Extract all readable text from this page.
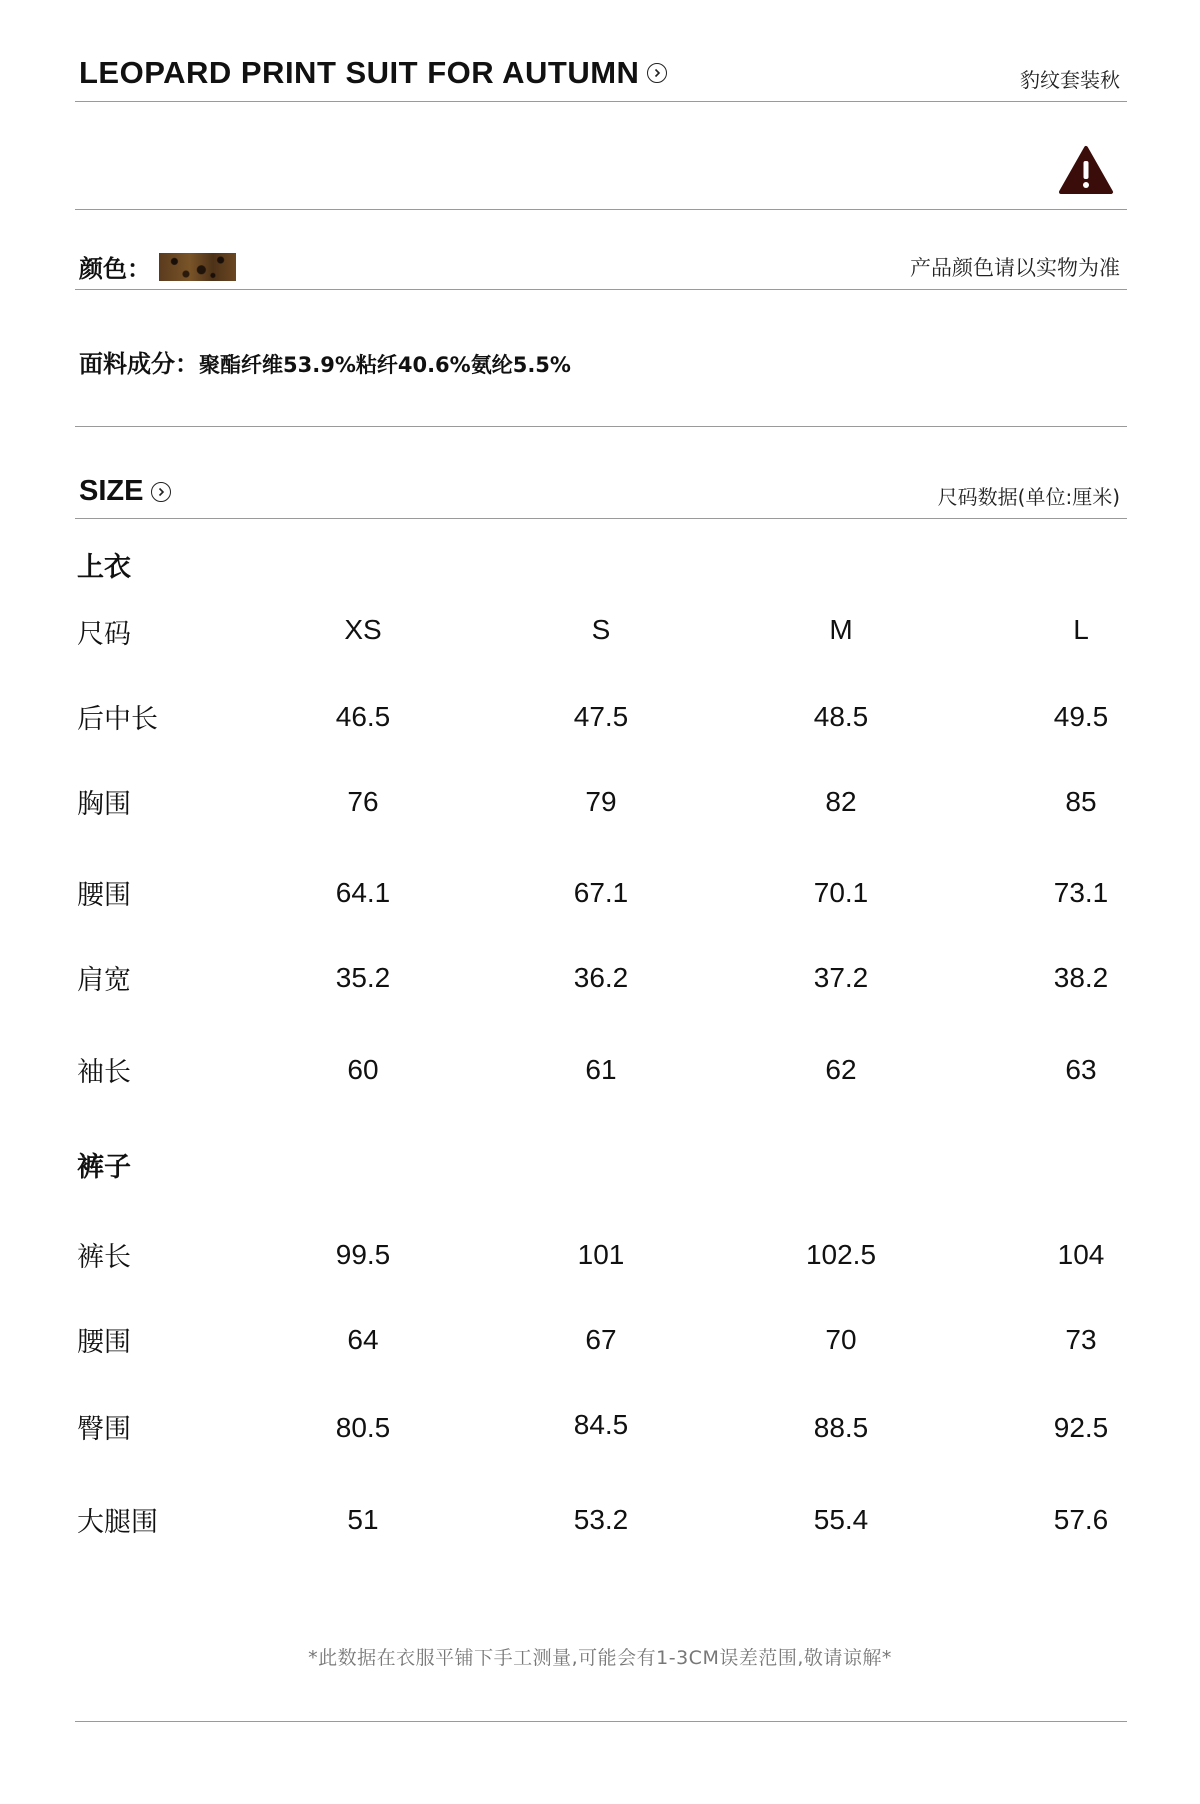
LEOPARD PRINT SUIT FOR AUTUMN	豹纹套装秋
颜色：	产品颜色请以实物为准
面料成分：聚酯纤维53.9%粘纤40.6%氨纶5.5%
SIZE	尺码数据(单位:厘米)
上衣
尺码	XS	S	M	L
后中长	46.5	47.5	48.5	49.5
胸围	76	79	82	85
腰围	64.1	67.1	70.1	73.1
肩宽	35.2	36.2	37.2	38.2
袖长	60	61	62	63
裤子
裤长	99.5	101	102.5	104
腰围	64	67	70	73
臀围	80.5	84.5	88.5	92.5
大腿围	51	53.2	55.4	57.6
*此数据在衣服平铺下手工测量,可能会有1-3CM误差范围,敬请谅解*
